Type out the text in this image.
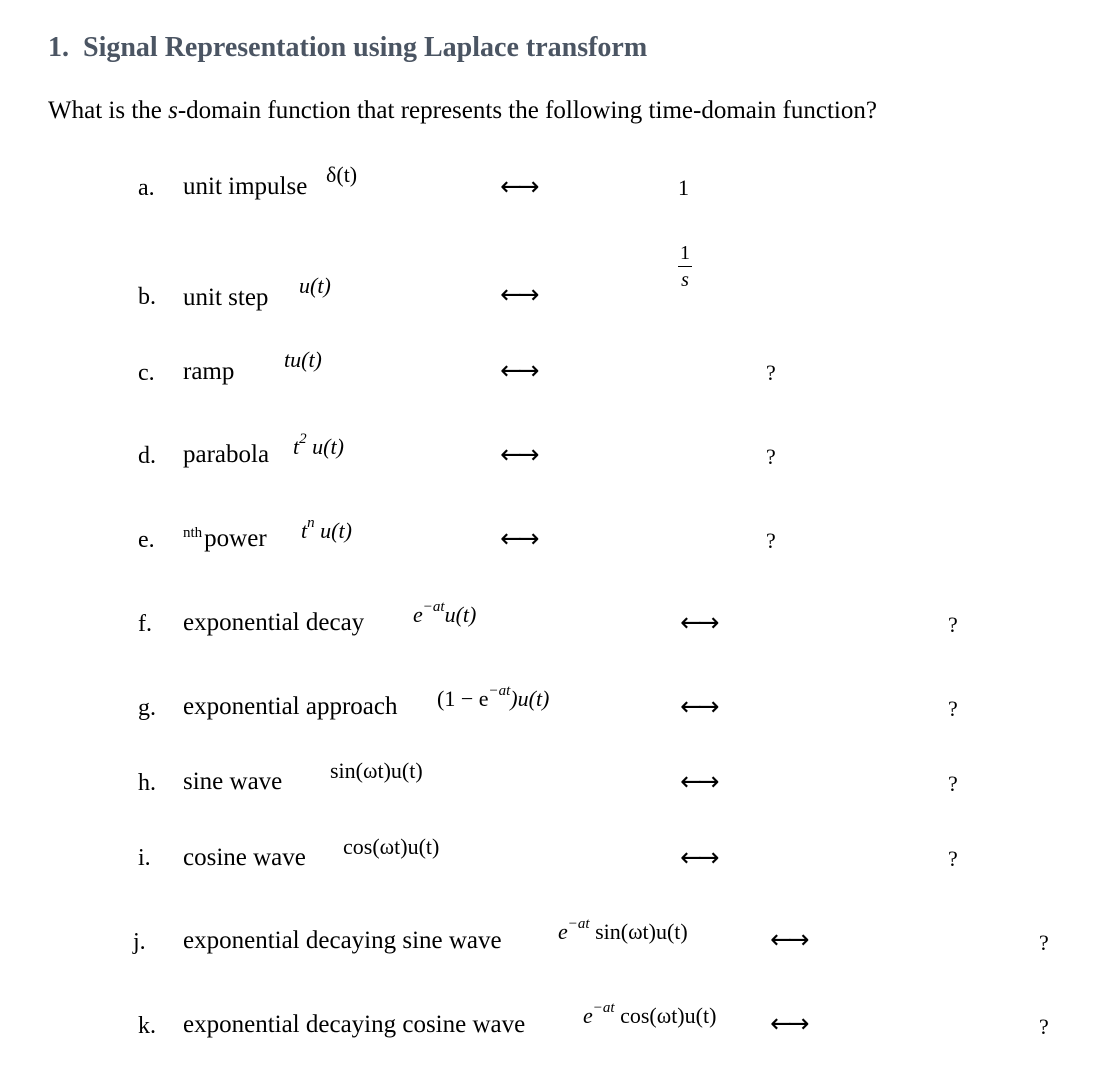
1. Signal Representation using Laplace transform
What is the s-domain function that represents the following time-domain function?
a. unit impulse δ(t)	←→	1
b. unit step u(t)	←→
1
s
c. ramp tu(t)	←→	?
d. parabola $t^2$ u(t)	←→	?
e. $^{nth}$power $t^n$ u(t)	←→	?
f. exponential decay $e^{-at}u(t)$	←→	?
g. exponential approach $(1 - e^{-at})u(t)$	←→	?
h. sine wave sin(ωt)u(t)	←→	?
i. cosine wave cos(ωt)u(t)	←→	?
j. exponential decaying sine wave	$e^{-at}$ sin(ωt)u(t)	←→	?
k. exponential decaying cosine wave	$e^{-at}$ cos(ωt)u(t) ←→	?
